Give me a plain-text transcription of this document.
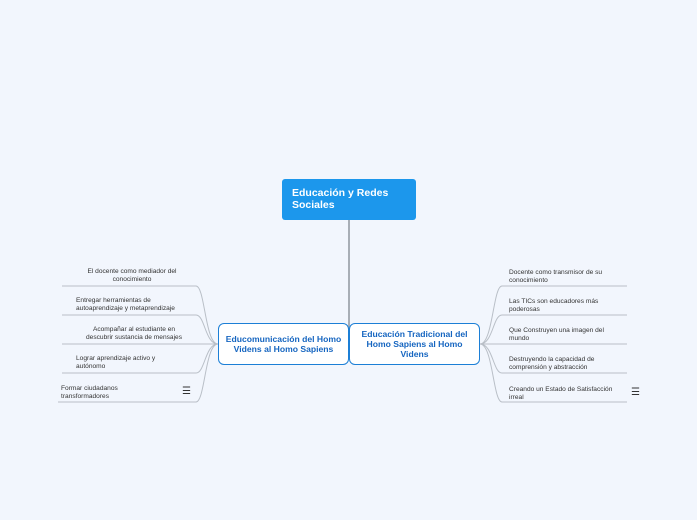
Educación y Redes Sociales
Educomunicación del Homo Videns al Homo Sapiens
Educación Tradicional del Homo Sapiens al Homo Videns
El docente como mediador del
conocimiento
Entregar herramientas de
autoaprendizaje y metaprendizaje
Acompañar al estudiante en
descubrir sustancia de mensajes
Lograr aprendizaje activo y
autónomo
Formar ciudadanos
transformadores	☰
Docente como transmisor de su
conocimiento
Las TICs son educadores más
poderosas
Que Construyen una imagen del
mundo
Destruyendo la capacidad de
comprensión y abstracción
Creando un Estado de Satisfacción
irreal	☰
